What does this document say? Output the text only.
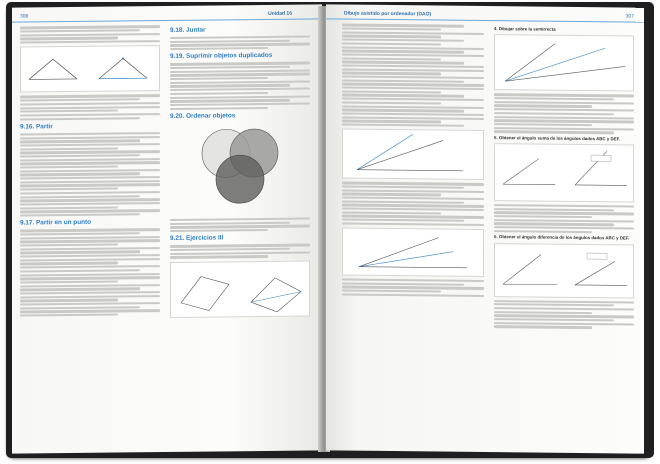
306	Unidad 16
9.16. Partir
9.17. Partir en un punto
9.18. Juntar
9.19. Suprimir objetos duplicados
9.20. Ordenar objetos
9.21. Ejercicios III
Dibujo asistido por ordenador (DAO)	307
4. Dibujar sobre la semirrecta
5. Obtener el ángulo suma de los ángulos dados ABC y DEF.
6. Obtener el ángulo diferencia de los ángulos dados ABC y DEF.
